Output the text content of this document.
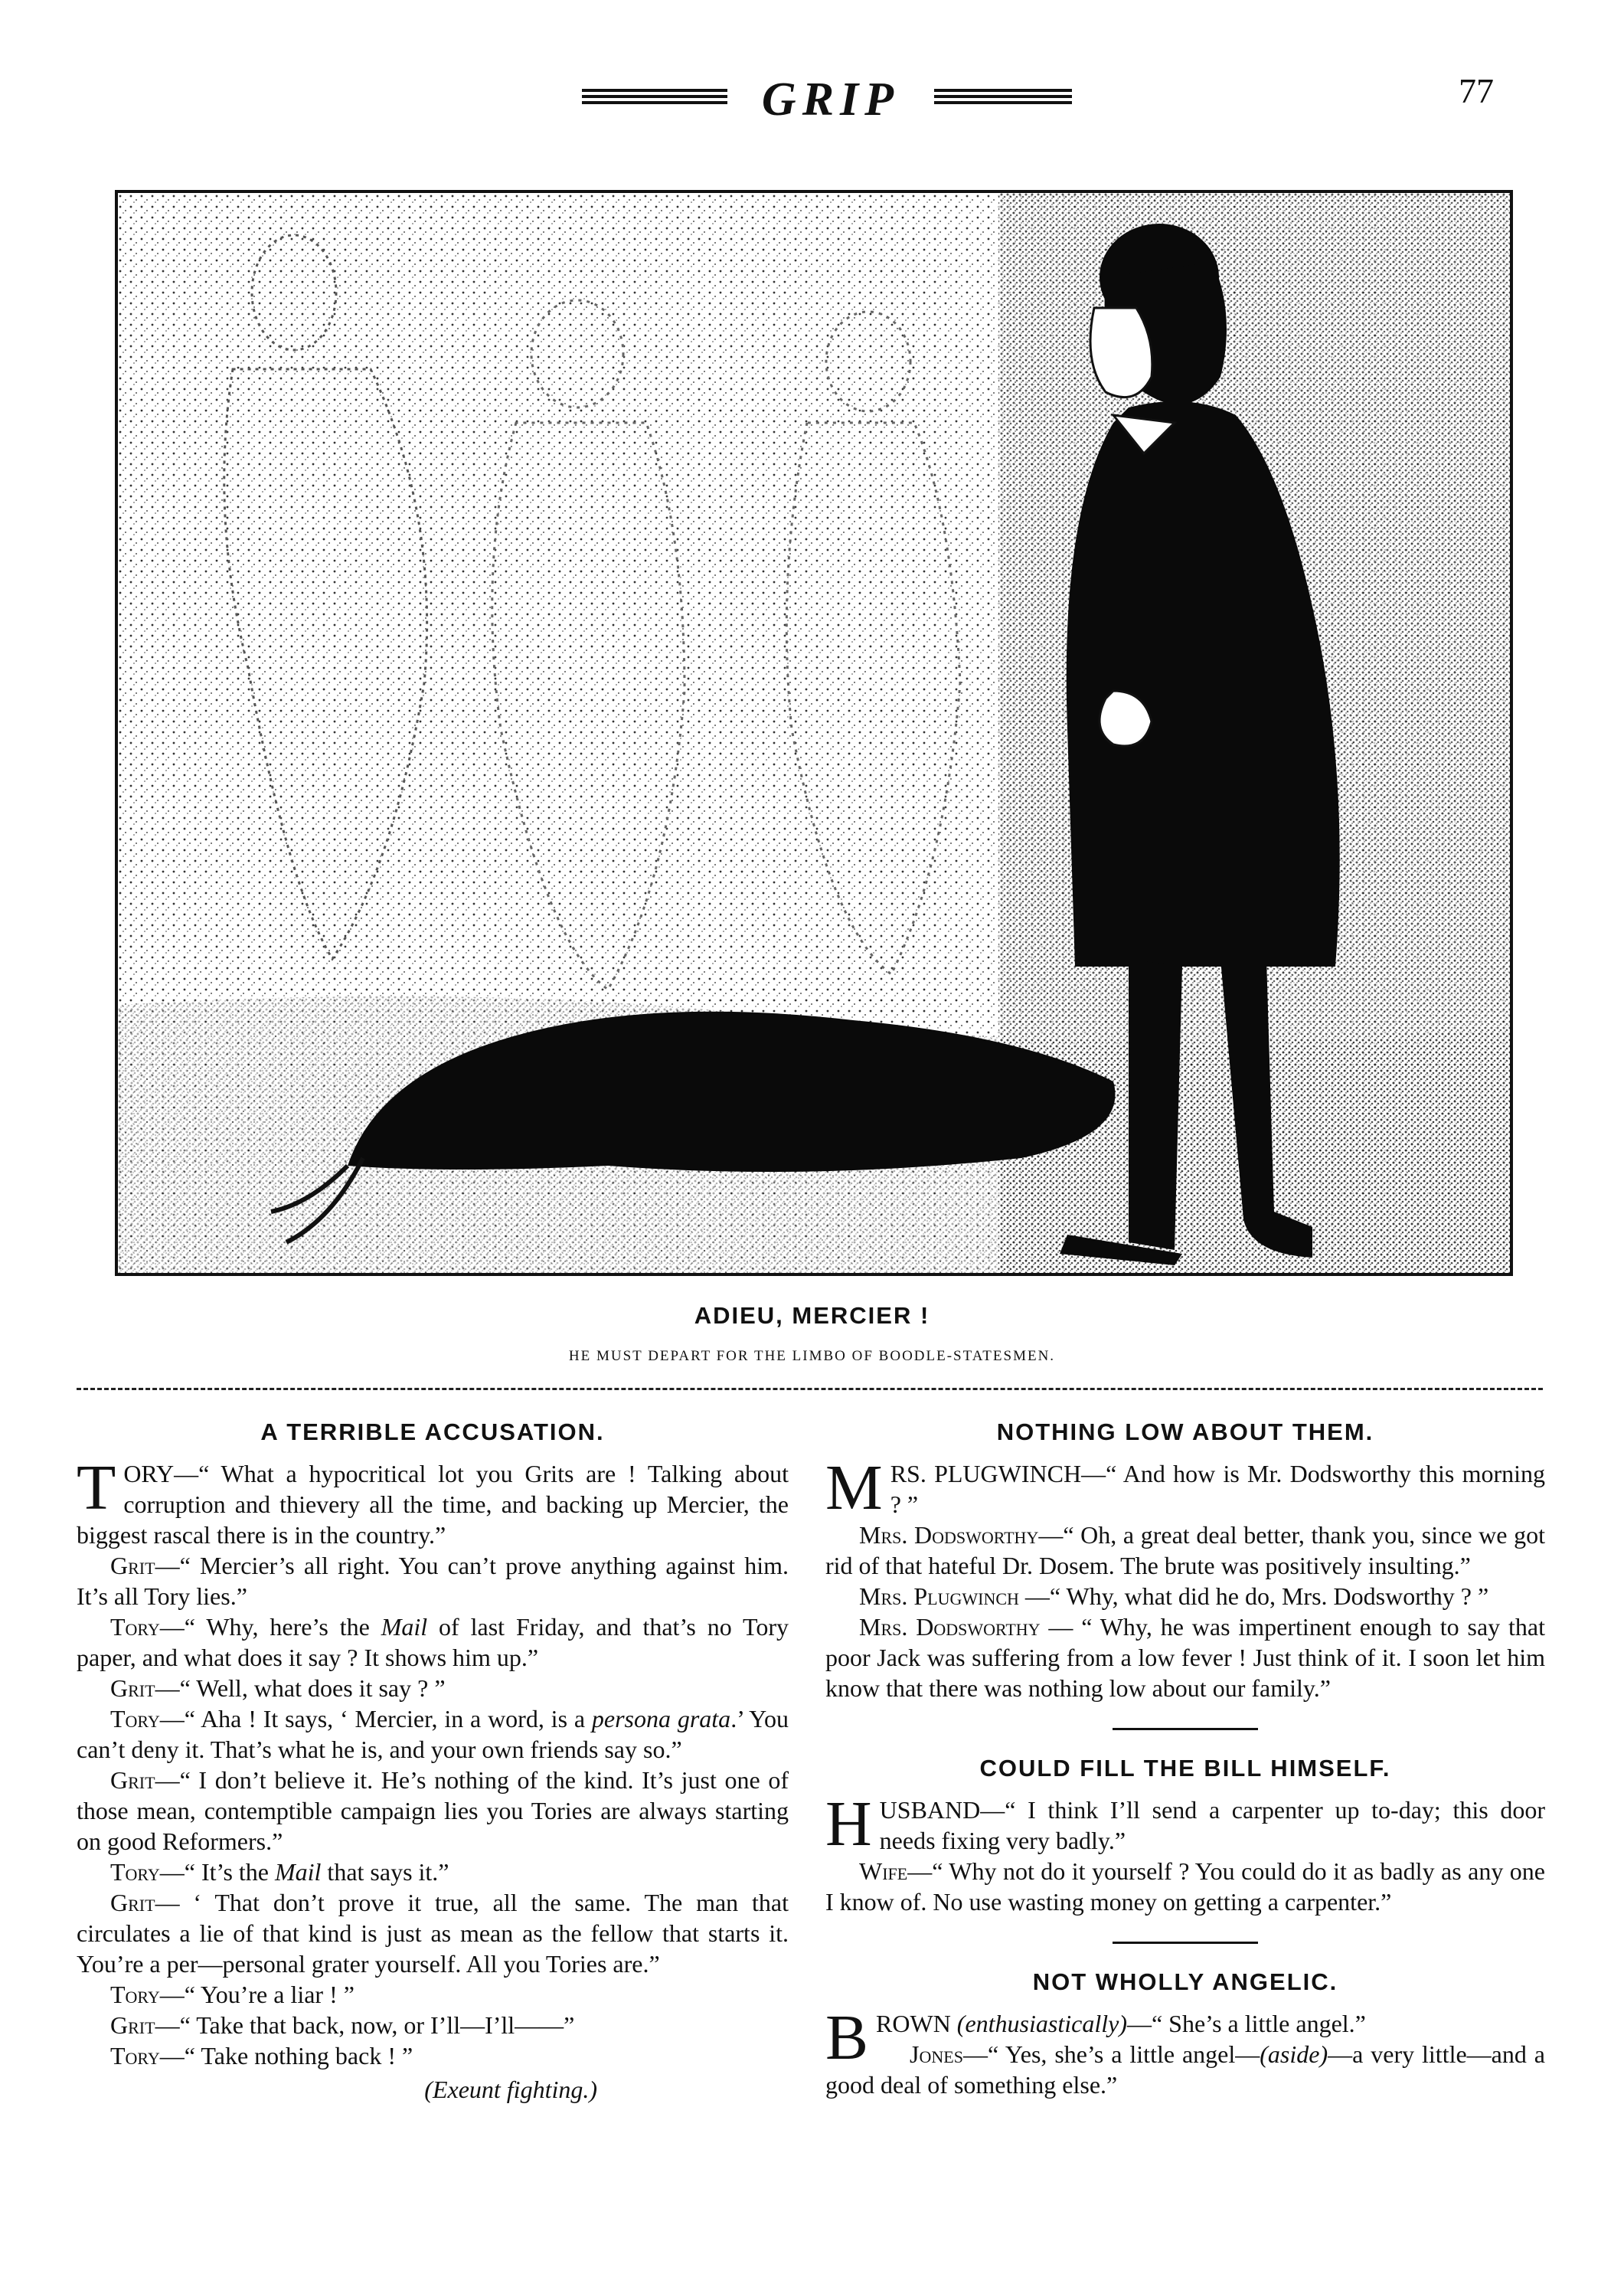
GRIP	77
ADIEU, MERCIER !
HE MUST DEPART FOR THE LIMBO OF BOODLE-STATESMEN.
A TERRIBLE ACCUSATION.

TORY—“ What a hypocritical lot you Grits are ! Talking about corruption and thievery all the time, and backing up Mercier, the biggest rascal there is in the country.”

Grit—“ Mercier’s all right. You can’t prove anything against him. It’s all Tory lies.”

Tory—“ Why, here’s the Mail of last Friday, and that’s no Tory paper, and what does it say ? It shows him up.”

Grit—“ Well, what does it say ? ”

Tory—“ Aha ! It says, ‘ Mercier, in a word, is a persona grata.’ You can’t deny it. That’s what he is, and your own friends say so.”

Grit—“ I don’t believe it. He’s nothing of the kind. It’s just one of those mean, contemptible campaign lies you Tories are always starting on good Reformers.”

Tory—“ It’s the Mail that says it.”

Grit— ‘ That don’t prove it true, all the same. The man that circulates a lie of that kind is just as mean as the fellow that starts it. You’re a per—personal grater yourself. All you Tories are.”

Tory—“ You’re a liar ! ”

Grit—“ Take that back, now, or I’ll—I’ll——”

Tory—“ Take nothing back ! ”

(Exeunt fighting.)

NOTHING LOW ABOUT THEM.

MRS. PLUGWINCH—“ And how is Mr. Dodsworthy this morning ? ”

Mrs. Dodsworthy—“ Oh, a great deal better, thank you, since we got rid of that hateful Dr. Dosem. The brute was positively insulting.”

Mrs. Plugwinch —“ Why, what did he do, Mrs. Dodsworthy ? ”

Mrs. Dodsworthy — “ Why, he was impertinent enough to say that poor Jack was suffering from a low fever ! Just think of it. I soon let him know that there was nothing low about our family.”

COULD FILL THE BILL HIMSELF.

HUSBAND—“ I think I’ll send a carpenter up to-day; this door needs fixing very badly.”

Wife—“ Why not do it yourself ? You could do it as badly as any one I know of. No use wasting money on getting a carpenter.”

NOT WHOLLY ANGELIC.

BROWN (enthusiastically)—“ She’s a little angel.”

Jones—“ Yes, she’s a little angel—(aside)—a very little—and a good deal of something else.”
